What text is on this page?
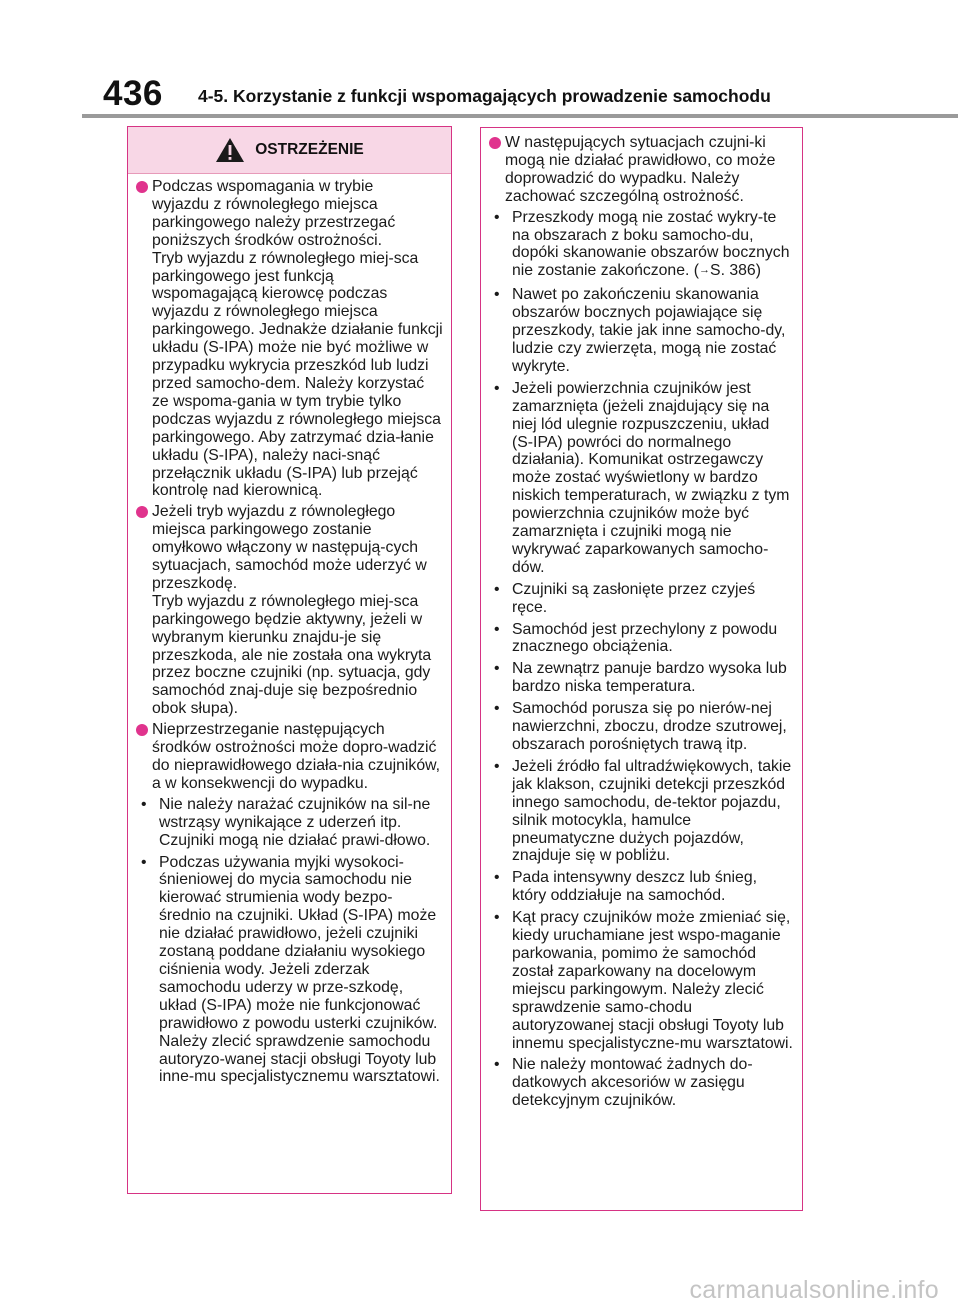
436 4-5. Korzystanie z funkcji wspomagających prowadzenie samochodu
OSTRZEŻENIE
Podczas wspomagania w trybie
wyjazdu z równoległego miejsca
parkingowego należy przestrzegać
poniższych środków ostrożności.
Tryb wyjazdu z równoległego miej-sca parkingowego jest funkcją wspomagającą kierowcę podczas wyjazdu z równoległego miejsca parkingowego. Jednakże działanie funkcji układu (S-IPA) może nie być możliwe w przypadku wykrycia przeszkód lub ludzi przed samocho-dem. Należy korzystać ze wspoma-gania w tym trybie tylko podczas wyjazdu z równoległego miejsca parkingowego. Aby zatrzymać dzia-łanie układu (S-IPA), należy naci-snąć przełącznik układu (S-IPA) lub przejąć kontrolę nad kierownicą.
Jeżeli tryb wyjazdu z równoległego miejsca parkingowego zostanie omyłkowo włączony w następują-cych sytuacjach, samochód może uderzyć w przeszkodę.
Tryb wyjazdu z równoległego miej-sca parkingowego będzie aktywny, jeżeli w wybranym kierunku znajdu-je się przeszkoda, ale nie została ona wykryta przez boczne czujniki (np. sytuacja, gdy samochód znaj-duje się bezpośrednio obok słupa).
Nieprzestrzeganie następujących środków ostrożności może dopro-wadzić do nieprawidłowego działa-nia czujników, a w konsekwencji do wypadku.
• Nie należy narażać czujników na sil-ne wstrząsy wynikające z uderzeń itp. Czujniki mogą nie działać prawi-dłowo.
• Podczas używania myjki wysokoci-śnieniowej do mycia samochodu nie kierować strumienia wody bezpo-średnio na czujniki. Układ (S-IPA) może nie działać prawidłowo, jeżeli czujniki zostaną poddane działaniu wysokiego ciśnienia wody. Jeżeli zderzak samochodu uderzy w prze-szkodę, układ (S-IPA) może nie funkcjonować prawidłowo z powodu usterki czujników. Należy zlecić sprawdzenie samochodu autoryzo-wanej stacji obsługi Toyoty lub inne-mu specjalistycznemu warsztatowi.
W następujących sytuacjach czujni-ki mogą nie działać prawidłowo, co może doprowadzić do wypadku. Należy zachować szczególną ostrożność.
• Przeszkody mogą nie zostać wykry-te na obszarach z boku samocho-du, dopóki skanowanie obszarów bocznych nie zostanie zakończone. (→S. 386)
• Nawet po zakończeniu skanowania obszarów bocznych pojawiające się przeszkody, takie jak inne samocho-dy, ludzie czy zwierzęta, mogą nie zostać wykryte.
• Jeżeli powierzchnia czujników jest zamarznięta (jeżeli znajdujący się na niej lód ulegnie rozpuszczeniu, układ (S-IPA) powróci do normalnego działania). Komunikat ostrzegawczy może zostać wyświetlony w bardzo niskich temperaturach, w związku z tym powierzchnia czujników może być zamarznięta i czujniki mogą nie wykrywać zaparkowanych samocho-dów.
• Czujniki są zasłonięte przez czyjeś ręce.
• Samochód jest przechylony z powodu znacznego obciążenia.
• Na zewnątrz panuje bardzo wysoka lub bardzo niska temperatura.
• Samochód porusza się po nierów-nej nawierzchni, zboczu, drodze szutrowej, obszarach porośniętych trawą itp.
• Jeżeli źródło fal ultradźwiękowych, takie jak klakson, czujniki detekcji przeszkód innego samochodu, de-tektor pojazdu, silnik motocykla, hamulce pneumatyczne dużych pojazdów, znajduje się w pobliżu.
• Pada intensywny deszcz lub śnieg, który oddziałuje na samochód.
• Kąt pracy czujników może zmieniać się, kiedy uruchamiane jest wspo-maganie parkowania, pomimo że samochód został zaparkowany na docelowym miejscu parkingowym. Należy zlecić sprawdzenie samo-chodu autoryzowanej stacji obsługi Toyoty lub innemu specjalistyczne-mu warsztatowi.
• Nie należy montować żadnych do-datkowych akcesoriów w zasięgu detekcyjnym czujników.
carmanualsonline.info
